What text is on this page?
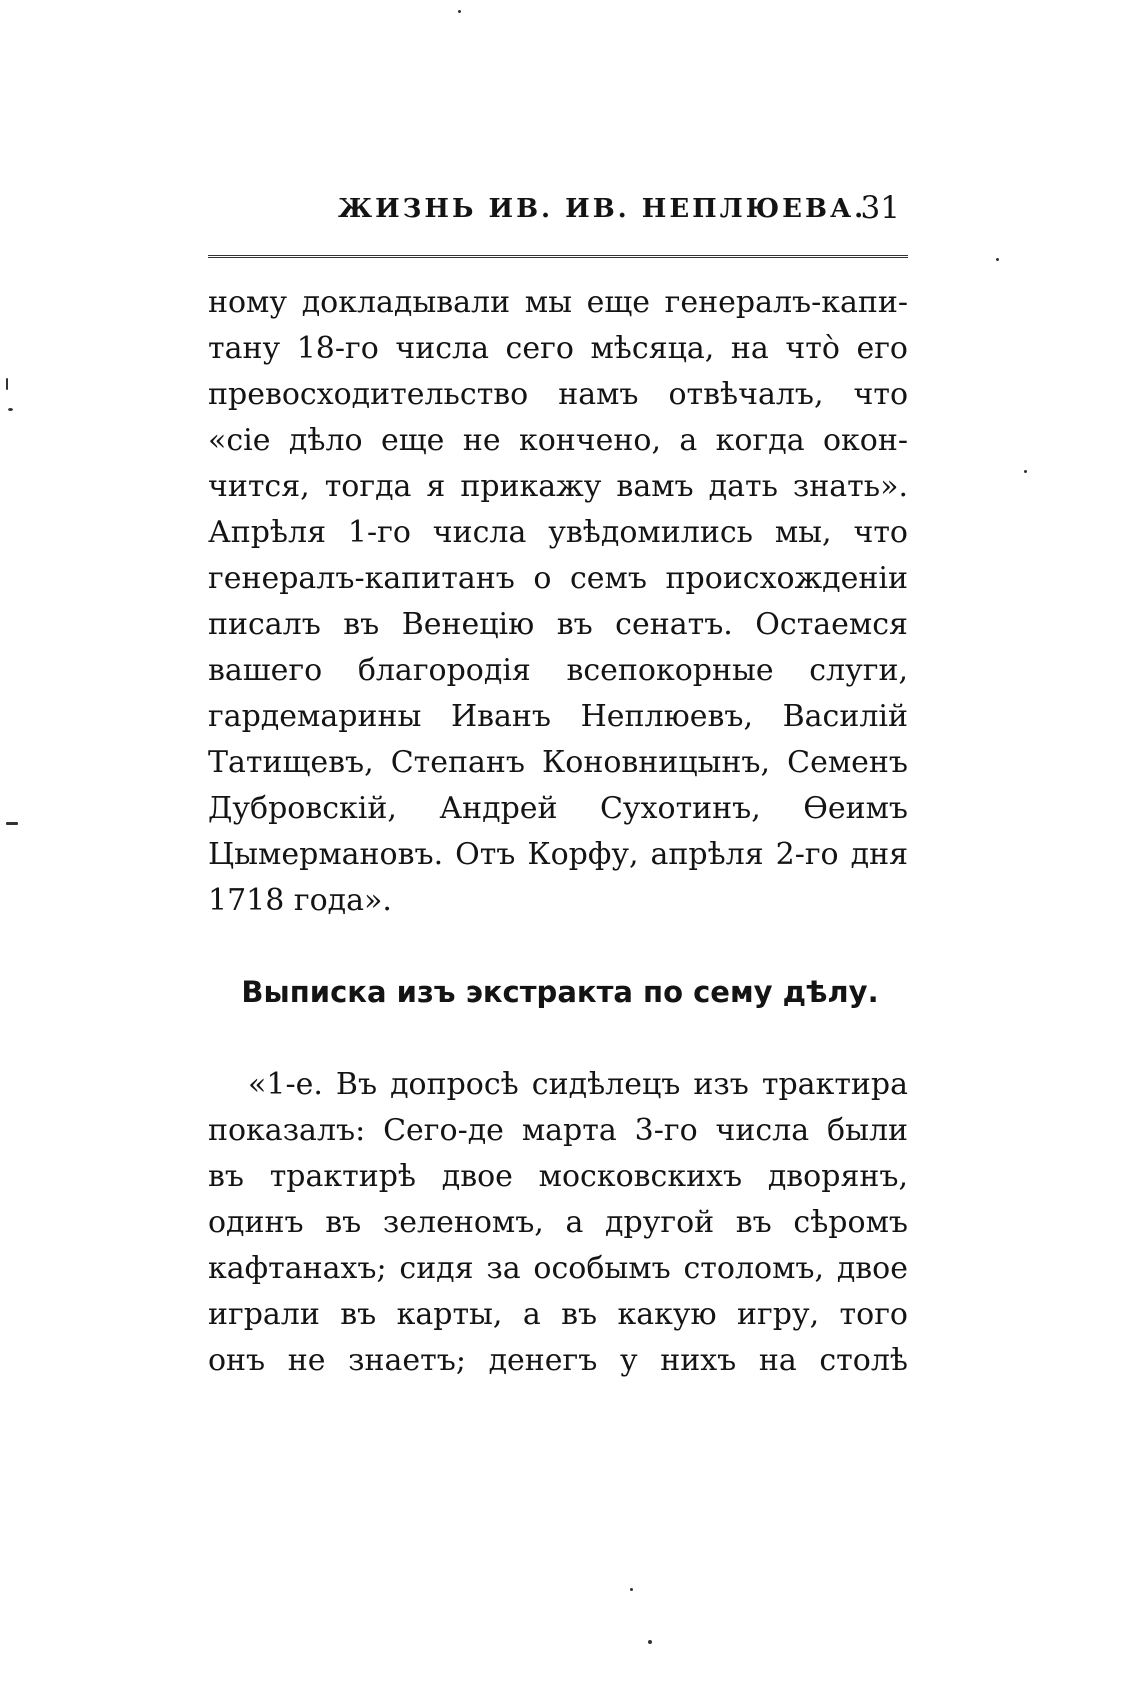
ЖИЗНЬ ИВ. ИВ. НЕПЛЮЕВА.
31
ному докладывали мы еще генералъ-капи-
тану 18-го числа сего мѣсяца, на что̀ его
превосходительство намъ отвѣчалъ, что
«сіе дѣло еще не кончено, а когда окон-
чится, тогда я прикажу вамъ дать знать».
Апрѣля 1-го числа увѣдомились мы, что
генералъ-капитанъ о семъ происхожденіи
писалъ въ Венецію въ сенатъ. Остаемся
вашего благородія всепокорные слуги,
гардемарины Иванъ Неплюевъ, Василій
Татищевъ, Степанъ Коновницынъ, Семенъ
Дубровскій, Андрей Сухотинъ, Ѳеимъ
Цымермановъ. Отъ Корфу, апрѣля 2-го дня
1718 года».
Выписка изъ экстракта по сему дѣлу.
«1-е. Въ допросѣ сидѣлецъ изъ трактира
показалъ: Сего-де марта 3-го числа были
въ трактирѣ двое московскихъ дворянъ,
одинъ въ зеленомъ, а другой въ сѣромъ
кафтанахъ; сидя за особымъ столомъ, двое
играли въ карты, а въ какую игру, того
онъ не знаетъ; денегъ у нихъ на столѣ
